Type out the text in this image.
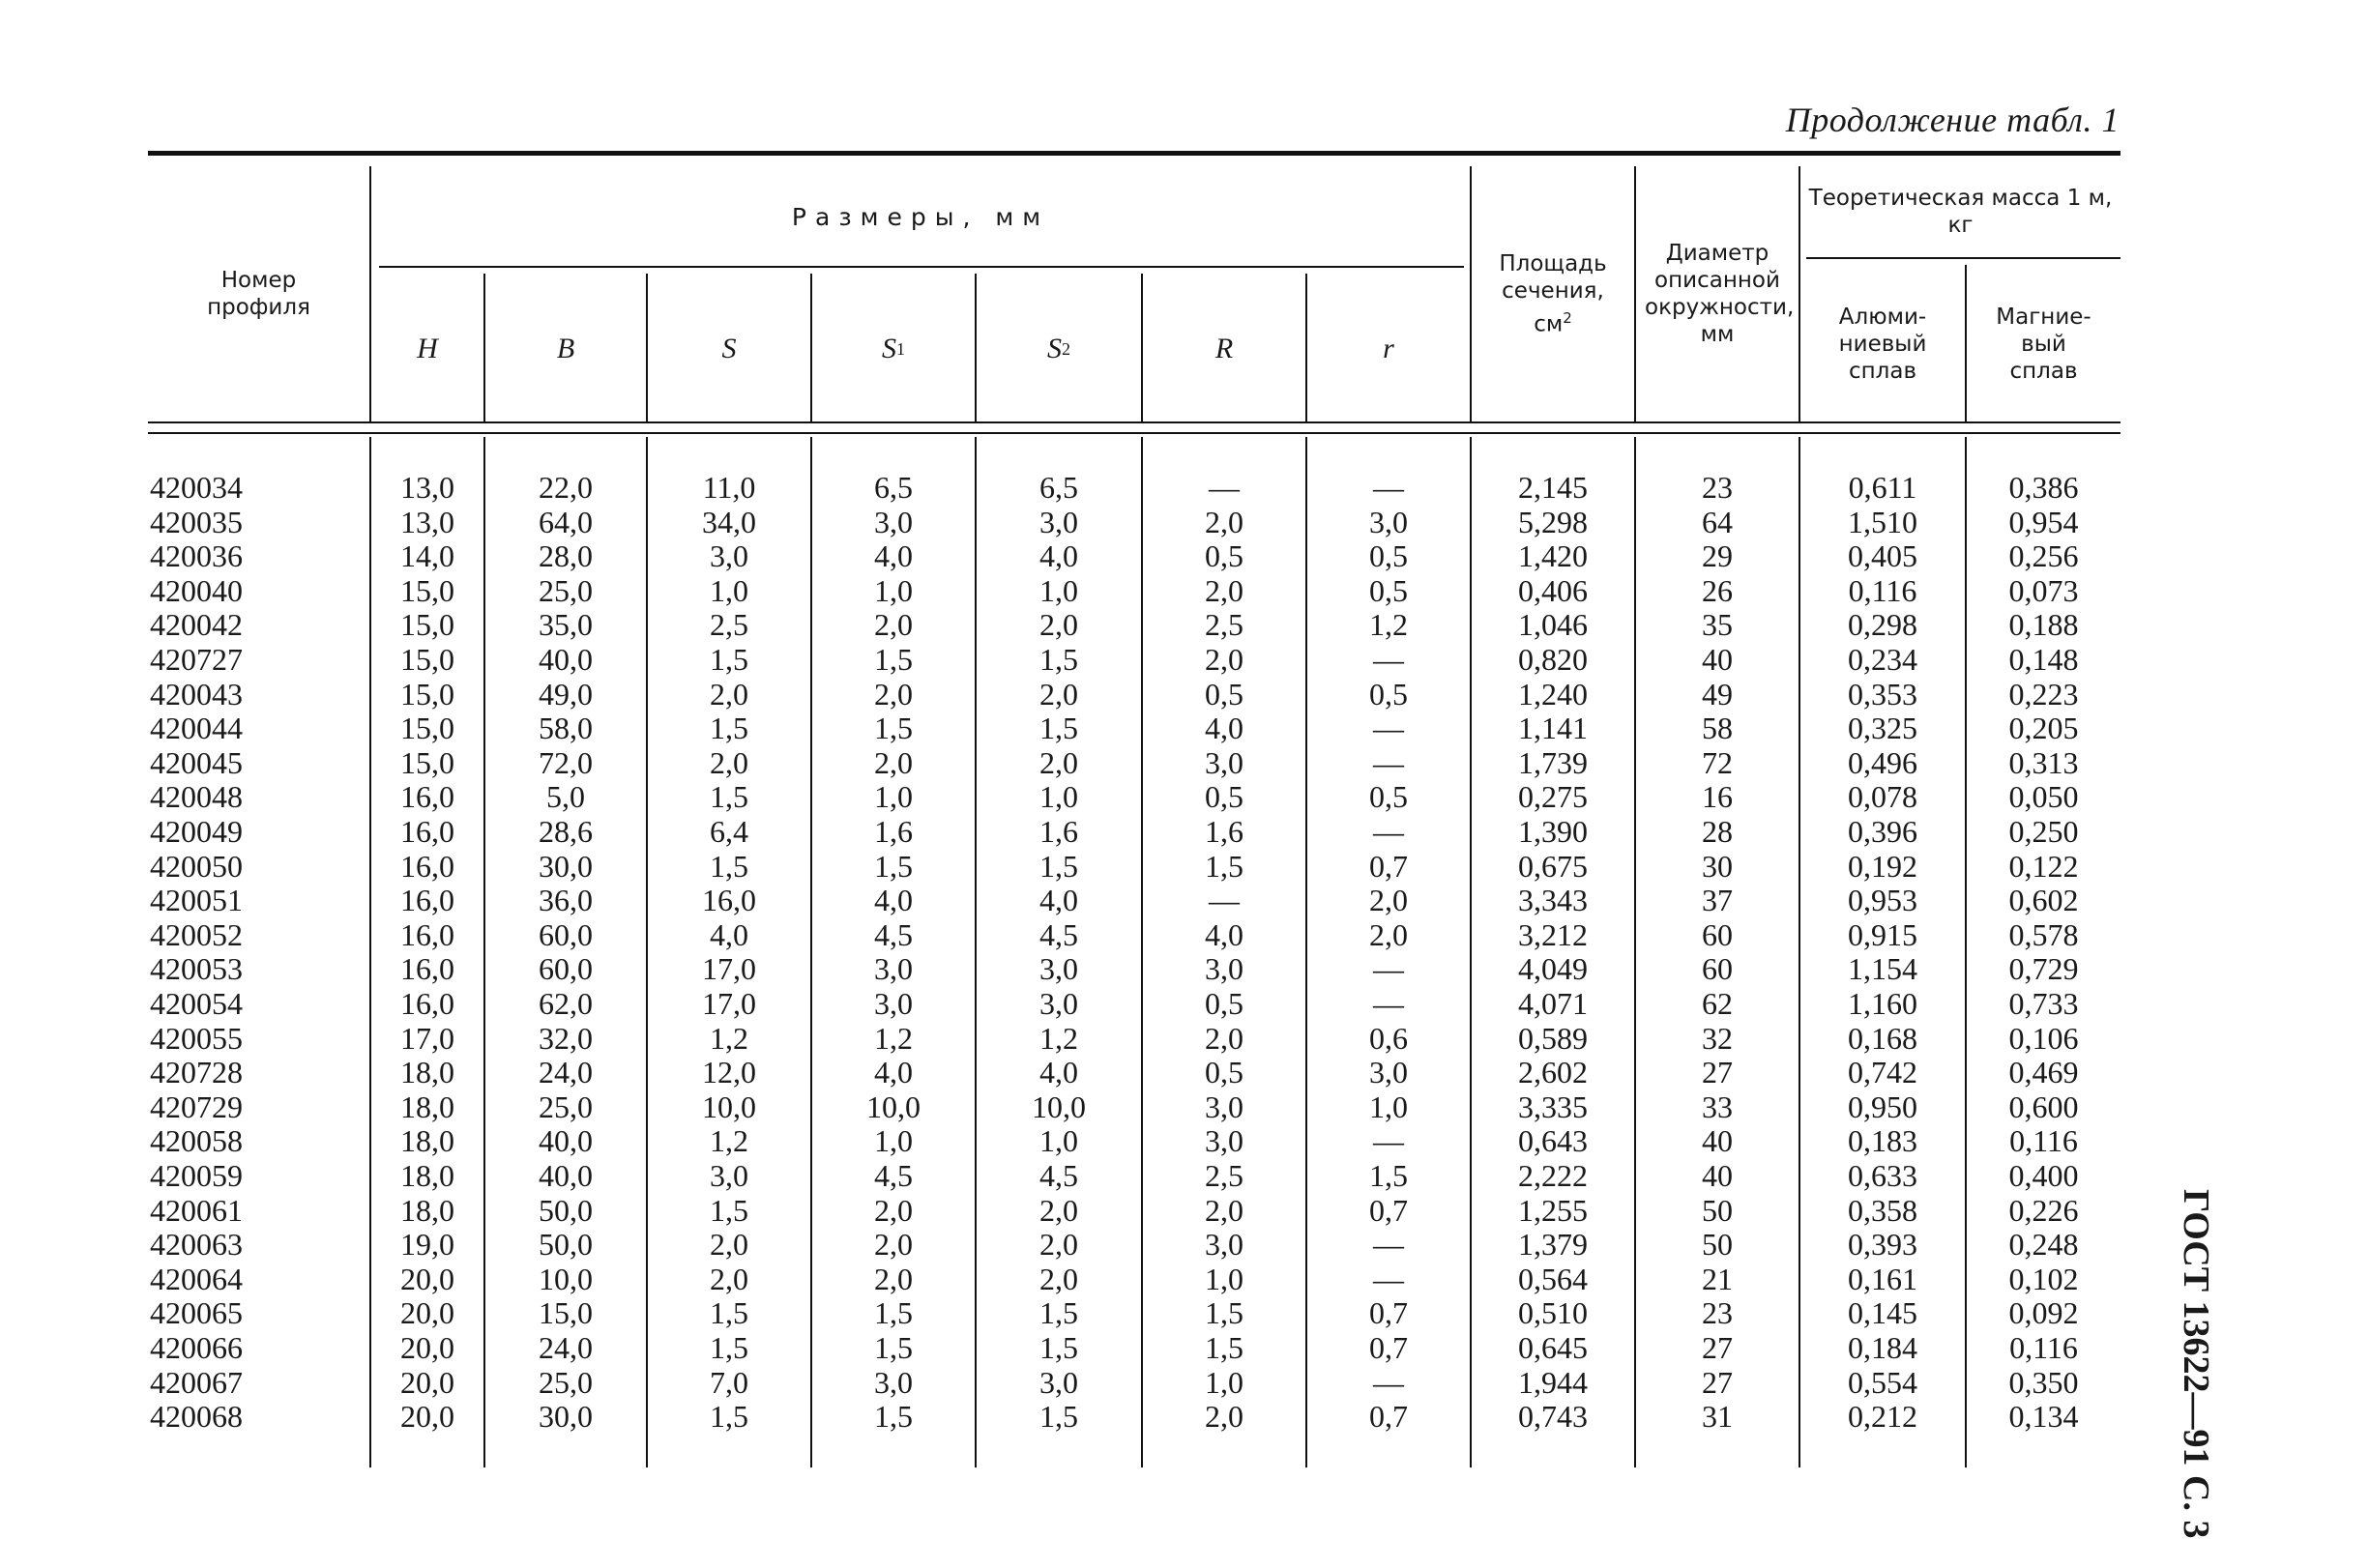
Продолжение табл. 1
Номер профиля
Размеры, мм
H	B	S	S 1	S 2	R	r
Площадь сечения, $см^2$
Диаметр описанной окружности, мм
Теоретическая масса 1 м, кг
Алюми-ниевый сплав
Магние-вый сплав
420034	13,0	22,0	11,0	6,5	6,5	—	—	2,145	23	0,611	0,386
420035	13,0	64,0	34,0	3,0	3,0	2,0	3,0	5,298	64	1,510	0,954
420036	14,0	28,0	3,0	4,0	4,0	0,5	0,5	1,420	29	0,405	0,256
420040	15,0	25,0	1,0	1,0	1,0	2,0	0,5	0,406	26	0,116	0,073
420042	15,0	35,0	2,5	2,0	2,0	2,5	1,2	1,046	35	0,298	0,188
420727	15,0	40,0	1,5	1,5	1,5	2,0	—	0,820	40	0,234	0,148
420043	15,0	49,0	2,0	2,0	2,0	0,5	0,5	1,240	49	0,353	0,223
420044	15,0	58,0	1,5	1,5	1,5	4,0	—	1,141	58	0,325	0,205
420045	15,0	72,0	2,0	2,0	2,0	3,0	—	1,739	72	0,496	0,313
420048	16,0	5,0	1,5	1,0	1,0	0,5	0,5	0,275	16	0,078	0,050
420049	16,0	28,6	6,4	1,6	1,6	1,6	—	1,390	28	0,396	0,250
420050	16,0	30,0	1,5	1,5	1,5	1,5	0,7	0,675	30	0,192	0,122
420051	16,0	36,0	16,0	4,0	4,0	—	2,0	3,343	37	0,953	0,602
420052	16,0	60,0	4,0	4,5	4,5	4,0	2,0	3,212	60	0,915	0,578
420053	16,0	60,0	17,0	3,0	3,0	3,0	—	4,049	60	1,154	0,729
420054	16,0	62,0	17,0	3,0	3,0	0,5	—	4,071	62	1,160	0,733
420055	17,0	32,0	1,2	1,2	1,2	2,0	0,6	0,589	32	0,168	0,106
420728	18,0	24,0	12,0	4,0	4,0	0,5	3,0	2,602	27	0,742	0,469
420729	18,0	25,0	10,0	10,0	10,0	3,0	1,0	3,335	33	0,950	0,600
420058	18,0	40,0	1,2	1,0	1,0	3,0	—	0,643	40	0,183	0,116
420059	18,0	40,0	3,0	4,5	4,5	2,5	1,5	2,222	40	0,633	0,400
420061	18,0	50,0	1,5	2,0	2,0	2,0	0,7	1,255	50	0,358	0,226
420063	19,0	50,0	2,0	2,0	2,0	3,0	—	1,379	50	0,393	0,248
420064	20,0	10,0	2,0	2,0	2,0	1,0	—	0,564	21	0,161	0,102
420065	20,0	15,0	1,5	1,5	1,5	1,5	0,7	0,510	23	0,145	0,092
420066	20,0	24,0	1,5	1,5	1,5	1,5	0,7	0,645	27	0,184	0,116
420067	20,0	25,0	7,0	3,0	3,0	1,0	—	1,944	27	0,554	0,350
420068	20,0	30,0	1,5	1,5	1,5	2,0	0,7	0,743	31	0,212	0,134	ГОСТ 13622—91 С. 3
